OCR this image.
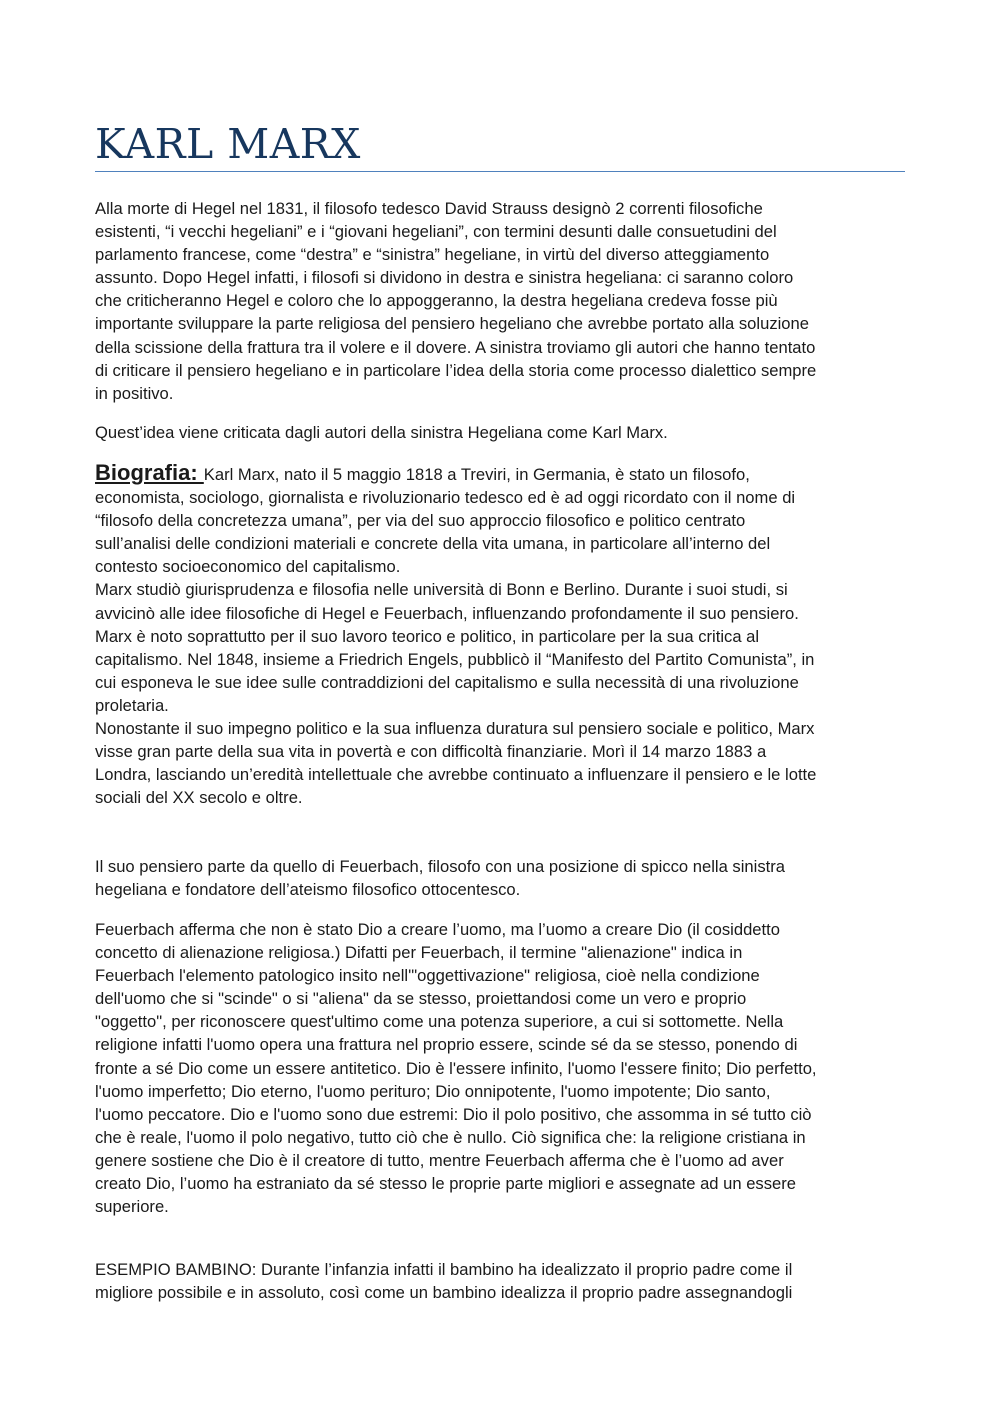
KARL MARX

Alla morte di Hegel nel 1831, il filosofo tedesco David Strauss designò 2 correnti filosofiche
esistenti, “i vecchi hegeliani” e i “giovani hegeliani”, con termini desunti dalle consuetudini del
parlamento francese, come “destra” e “sinistra” hegeliane, in virtù del diverso atteggiamento
assunto. Dopo Hegel infatti, i filosofi si dividono in destra e sinistra hegeliana: ci saranno coloro
che criticheranno Hegel e coloro che lo appoggeranno, la destra hegeliana credeva fosse più
importante sviluppare la parte religiosa del pensiero hegeliano che avrebbe portato alla soluzione
della scissione della frattura tra il volere e il dovere. A sinistra troviamo gli autori che hanno tentato
di criticare il pensiero hegeliano e in particolare l’idea della storia come processo dialettico sempre
in positivo.

Quest’idea viene criticata dagli autori della sinistra Hegeliana come Karl Marx.

Biografia: Karl Marx, nato il 5 maggio 1818 a Treviri, in Germania, è stato un filosofo,
economista, sociologo, giornalista e rivoluzionario tedesco ed è ad oggi ricordato con il nome di
“filosofo della concretezza umana”, per via del suo approccio filosofico e politico centrato
sull’analisi delle condizioni materiali e concrete della vita umana, in particolare all’interno del
contesto socioeconomico del capitalismo.
Marx studiò giurisprudenza e filosofia nelle università di Bonn e Berlino. Durante i suoi studi, si
avvicinò alle idee filosofiche di Hegel e Feuerbach, influenzando profondamente il suo pensiero.
Marx è noto soprattutto per il suo lavoro teorico e politico, in particolare per la sua critica al
capitalismo. Nel 1848, insieme a Friedrich Engels, pubblicò il “Manifesto del Partito Comunista”, in
cui esponeva le sue idee sulle contraddizioni del capitalismo e sulla necessità di una rivoluzione
proletaria.
Nonostante il suo impegno politico e la sua influenza duratura sul pensiero sociale e politico, Marx
visse gran parte della sua vita in povertà e con difficoltà finanziarie. Morì il 14 marzo 1883 a
Londra, lasciando un’eredità intellettuale che avrebbe continuato a influenzare il pensiero e le lotte
sociali del XX secolo e oltre.

Il suo pensiero parte da quello di Feuerbach, filosofo con una posizione di spicco nella sinistra
hegeliana e fondatore dell’ateismo filosofico ottocentesco.

Feuerbach afferma che non è stato Dio a creare l’uomo, ma l’uomo a creare Dio (il cosiddetto
concetto di alienazione religiosa.) Difatti per Feuerbach, il termine "alienazione" indica in
Feuerbach l'elemento patologico insito nell'"oggettivazione" religiosa, cioè nella condizione
dell'uomo che si "scinde" o si "aliena" da se stesso, proiettandosi come un vero e proprio
"oggetto", per riconoscere quest'ultimo come una potenza superiore, a cui si sottomette. Nella
religione infatti l'uomo opera una frattura nel proprio essere, scinde sé da se stesso, ponendo di
fronte a sé Dio come un essere antitetico. Dio è l'essere infinito, l'uomo l'essere finito; Dio perfetto,
l'uomo imperfetto; Dio eterno, l'uomo perituro; Dio onnipotente, l'uomo impotente; Dio santo,
l'uomo peccatore. Dio e l'uomo sono due estremi: Dio il polo positivo, che assomma in sé tutto ciò
che è reale, l'uomo il polo negativo, tutto ciò che è nullo. Ciò significa che: la religione cristiana in
genere sostiene che Dio è il creatore di tutto, mentre Feuerbach afferma che è l’uomo ad aver
creato Dio, l’uomo ha estraniato da sé stesso le proprie parte migliori e assegnate ad un essere
superiore.

ESEMPIO BAMBINO: Durante l’infanzia infatti il bambino ha idealizzato il proprio padre come il
migliore possibile e in assoluto, così come un bambino idealizza il proprio padre assegnandogli
